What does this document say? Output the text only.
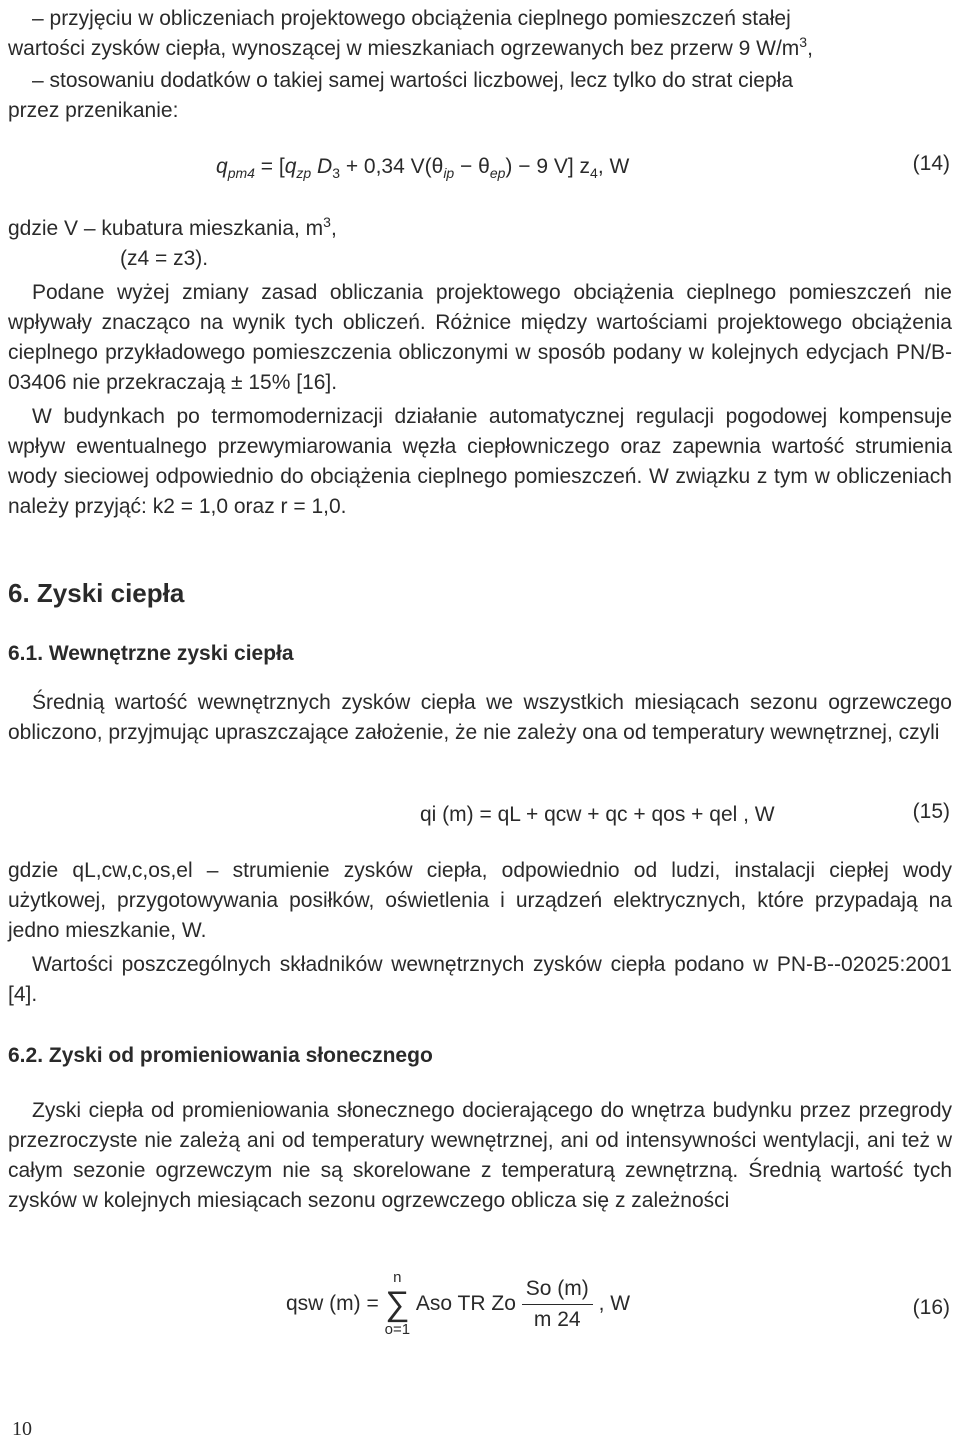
– przyjęciu w obliczeniach projektowego obciążenia cieplnego pomieszczeń stałej

wartości zysków ciepła, wynoszącej w mieszkaniach ogrzewanych bez przerw 9 $W/m^3$,

– stosowaniu dodatków o takiej samej wartości liczbowej, lecz tylko do strat ciepła

przez przenikanie:

$q_{pm4} = [q_{zp}$ $D_3 + 0,34$ $V(\theta_{ip} - \theta_{ep}) - 9$ V] $z_4$, W	(14)

gdzie V – kubatura mieszkania, $m^3$,

(z4 = z3).

Podane wyżej zmiany zasad obliczania projektowego obciążenia cieplnego pomieszczeń nie wpływały znacząco na wynik tych obliczeń. Różnice między wartościami projektowego obciążenia cieplnego przykładowego pomieszczenia obliczonymi w sposób podany w kolejnych edycjach PN/B-03406 nie przekraczają ± 15% [16].

W budynkach po termomodernizacji działanie automatycznej regulacji pogodowej kompensuje wpływ ewentualnego przewymiarowania węzła ciepłowniczego oraz zapewnia wartość strumienia wody sieciowej odpowiednio do obciążenia cieplnego pomieszczeń. W związku z tym w obliczeniach należy przyjąć: k2 = 1,0 oraz r = 1,0.

6. Zyski ciepła
6.1. Wewnętrzne zyski ciepła

Średnią wartość wewnętrznych zysków ciepła we wszystkich miesiącach sezonu ogrzewczego obliczono, przyjmując upraszczające założenie, że nie zależy ona od temperatury wewnętrznej, czyli

qi (m) = qL + qcw + qc + qos + qel , W	(15)

gdzie qL,cw,c,os,el – strumienie zysków ciepła, odpowiednio od ludzi, instalacji ciepłej wody użytkowej, przygotowywania posiłków, oświetlenia i urządzeń elektrycznych, które przypadają na jedno mieszkanie, W.

Wartości poszczególnych składników wewnętrznych zysków ciepła podano w PN-B--02025:2001 [4].

6.2. Zyski od promieniowania słonecznego

Zyski ciepła od promieniowania słonecznego docierającego do wnętrza budynku przez przegrody przezroczyste nie zależą ani od temperatury wewnętrznej, ani od intensywności wentylacji, ani też w całym sezonie ogrzewczym nie są skorelowane z temperaturą zewnętrzną. Średnią wartość tych zysków w kolejnych miesiącach sezonu ogrzewczego oblicza się z zależności

qsw (m) =
n
∑
o=1
Aso TR Zo $\frac{So (m)}{m 24}$ , W	(16)
10
